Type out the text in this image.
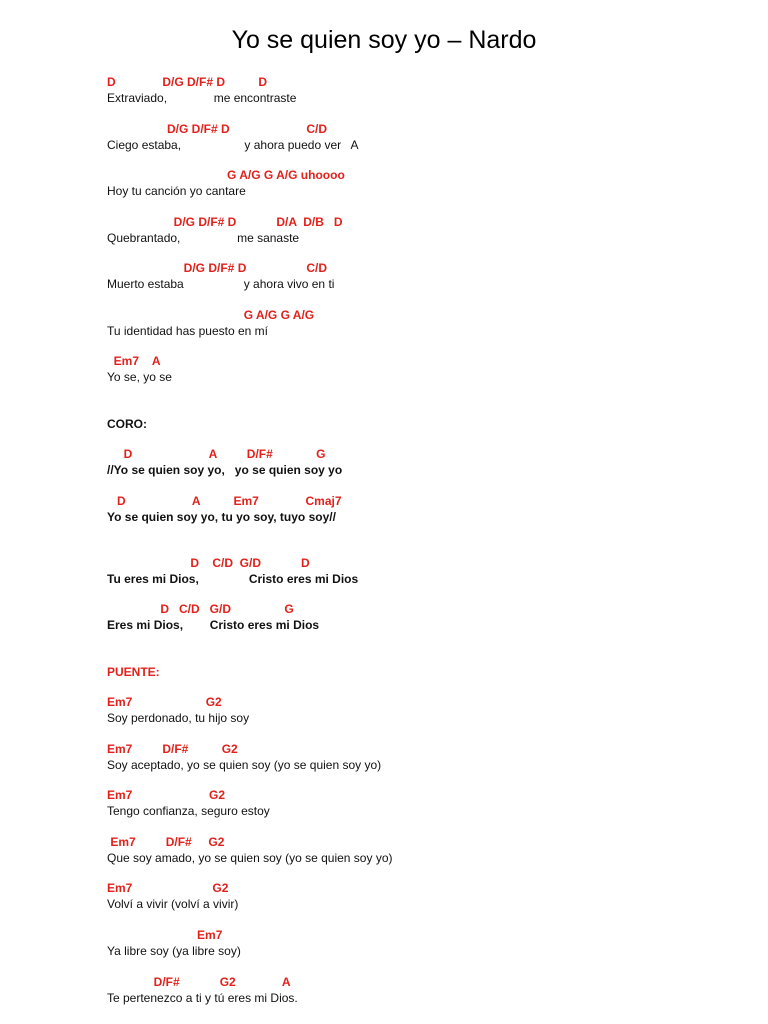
Yo se quien soy yo – Nardo

D              D/G D/F# D          D

Extraviado,              me encontraste

D/G D/F# D                       C/D

Ciego estaba,                   y ahora puedo ver   A

G A/G G A/G uhoooo

Hoy tu canción yo cantare

D/G D/F# D            D/A  D/B   D

Quebrantado,                 me sanaste

D/G D/F# D                  C/D

Muerto estaba                  y ahora vivo en ti

G A/G G A/G

Tu identidad has puesto en mí

Em7    A

Yo se, yo se

CORO:

D                       A         D/F#             G

//Yo se quien soy yo,   yo se quien soy yo

D                    A          Em7              Cmaj7

Yo se quien soy yo, tu yo soy, tuyo soy//

D    C/D  G/D            D

Tu eres mi Dios,               Cristo eres mi Dios

D   C/D   G/D                G

Eres mi Dios,        Cristo eres mi Dios

PUENTE:

Em7                      G2

Soy perdonado, tu hijo soy

Em7         D/F#          G2

Soy aceptado, yo se quien soy (yo se quien soy yo)

Em7                       G2

Tengo confianza, seguro estoy

Em7         D/F#     G2

Que soy amado, yo se quien soy (yo se quien soy yo)

Em7                        G2

Volví a vivir (volví a vivir)

Em7

Ya libre soy (ya libre soy)

D/F#            G2              A

Te pertenezco a ti y tú eres mi Dios.
